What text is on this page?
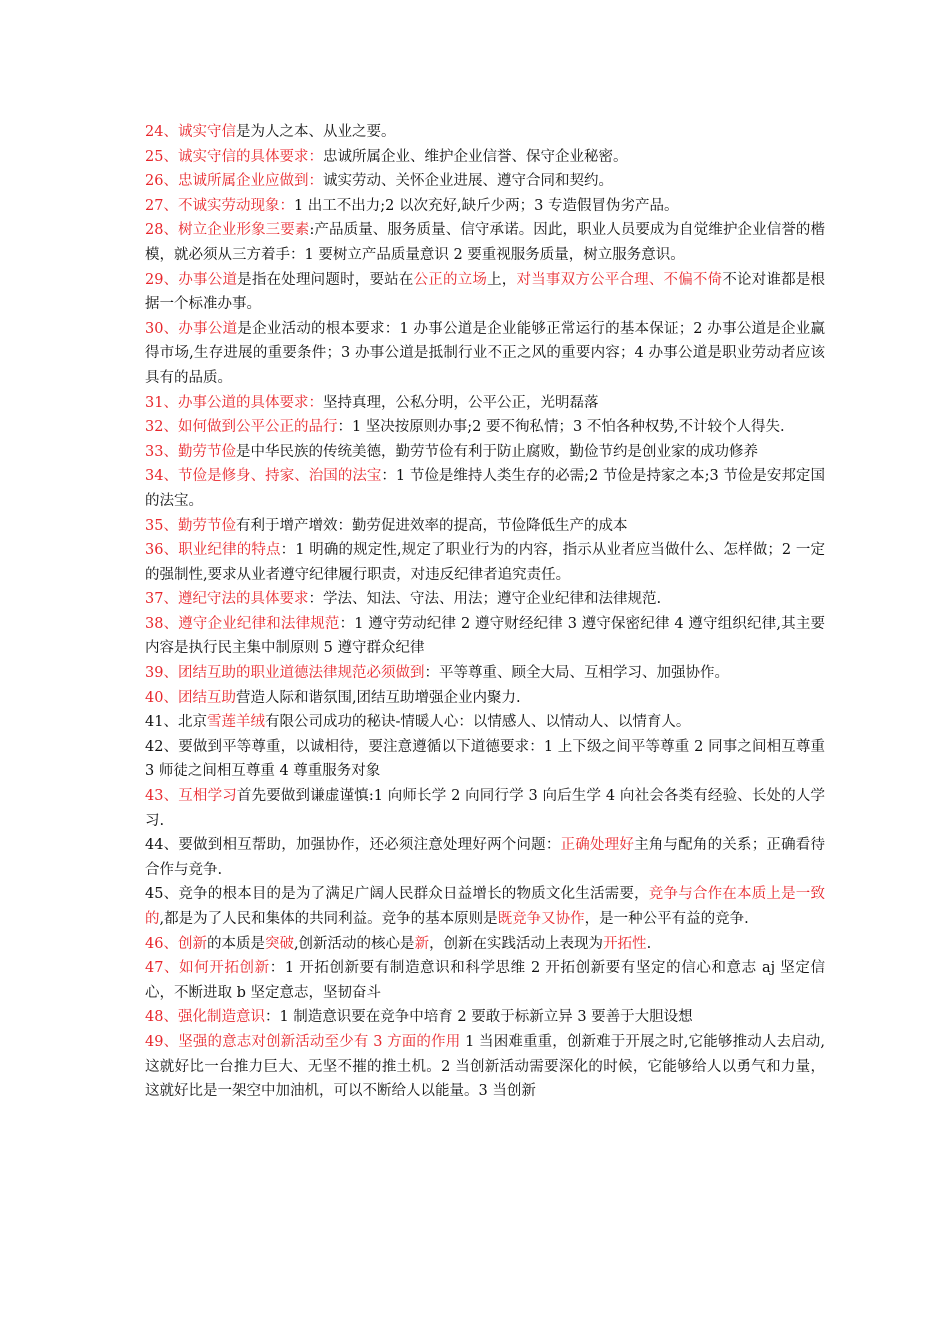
24、诚实守信是为人之本、从业之要。

25、诚实守信的具体要求：忠诚所属企业、维护企业信誉、保守企业秘密。

26、忠诚所属企业应做到：诚实劳动、关怀企业进展、遵守合同和契约。

27、不诚实劳动现象：1 出工不出力;2 以次充好,缺斤少两；3 专造假冒伪劣产品。

28、树立企业形象三要素:产品质量、服务质量、信守承诺。因此，职业人员要成为自觉维护企业信誉的楷模，就必须从三方着手：1 要树立产品质量意识 2 要重视服务质量，树立服务意识。

29、办事公道是指在处理问题时，要站在公正的立场上，对当事双方公平合理、不偏不倚不论对谁都是根据一个标准办事。

30、办事公道是企业活动的根本要求：1 办事公道是企业能够正常运行的基本保证；2 办事公道是企业赢得市场,生存进展的重要条件；3 办事公道是抵制行业不正之风的重要内容；4 办事公道是职业劳动者应该具有的品质。

31、办事公道的具体要求：坚持真理，公私分明，公平公正，光明磊落

32、如何做到公平公正的品行：1 坚决按原则办事;2 要不徇私情；3 不怕各种权势,不计较个人得失.

33、勤劳节俭是中华民族的传统美德，勤劳节俭有利于防止腐败，勤俭节约是创业家的成功修养

34、节俭是修身、持家、治国的法宝：1 节俭是维持人类生存的必需;2 节俭是持家之本;3 节俭是安邦定国的法宝。

35、勤劳节俭有利于增产增效：勤劳促进效率的提高，节俭降低生产的成本

36、职业纪律的特点：1 明确的规定性,规定了职业行为的内容，指示从业者应当做什么、怎样做；2 一定的强制性,要求从业者遵守纪律履行职责，对违反纪律者追究责任。

37、遵纪守法的具体要求：学法、知法、守法、用法；遵守企业纪律和法律规范.

38、遵守企业纪律和法律规范：1 遵守劳动纪律 2 遵守财经纪律 3 遵守保密纪律 4 遵守组织纪律,其主要内容是执行民主集中制原则 5 遵守群众纪律

39、团结互助的职业道德法律规范必须做到：平等尊重、顾全大局、互相学习、加强协作。

40、团结互助营造人际和谐氛围,团结互助增强企业内聚力.

41、北京雪莲羊绒有限公司成功的秘诀-情暖人心：以情感人、以情动人、以情育人。

42、要做到平等尊重，以诚相待，要注意遵循以下道德要求：1 上下级之间平等尊重 2 同事之间相互尊重 3 师徒之间相互尊重 4 尊重服务对象

43、互相学习首先要做到谦虚谨慎:1 向师长学 2 向同行学 3 向后生学 4 向社会各类有经验、长处的人学习.

44、要做到相互帮助，加强协作，还必须注意处理好两个问题：正确处理好主角与配角的关系；正确看待合作与竞争.

45、竞争的根本目的是为了满足广阔人民群众日益增长的物质文化生活需要，竞争与合作在本质上是一致的,都是为了人民和集体的共同利益。竞争的基本原则是既竞争又协作，是一种公平有益的竞争.

46、创新的本质是突破,创新活动的核心是新，创新在实践活动上表现为开拓性.

47、如何开拓创新：1 开拓创新要有制造意识和科学思维 2 开拓创新要有坚定的信心和意志 aj 坚定信心，不断进取 b 坚定意志，坚韧奋斗

48、强化制造意识：1 制造意识要在竞争中培育 2 要敢于标新立异 3 要善于大胆设想

49、坚强的意志对创新活动至少有 3 方面的作用 1 当困难重重，创新难于开展之时,它能够推动人去启动,这就好比一台推力巨大、无坚不摧的推土机。2 当创新活动需要深化的时候，它能够给人以勇气和力量，这就好比是一架空中加油机，可以不断给人以能量。3 当创新
